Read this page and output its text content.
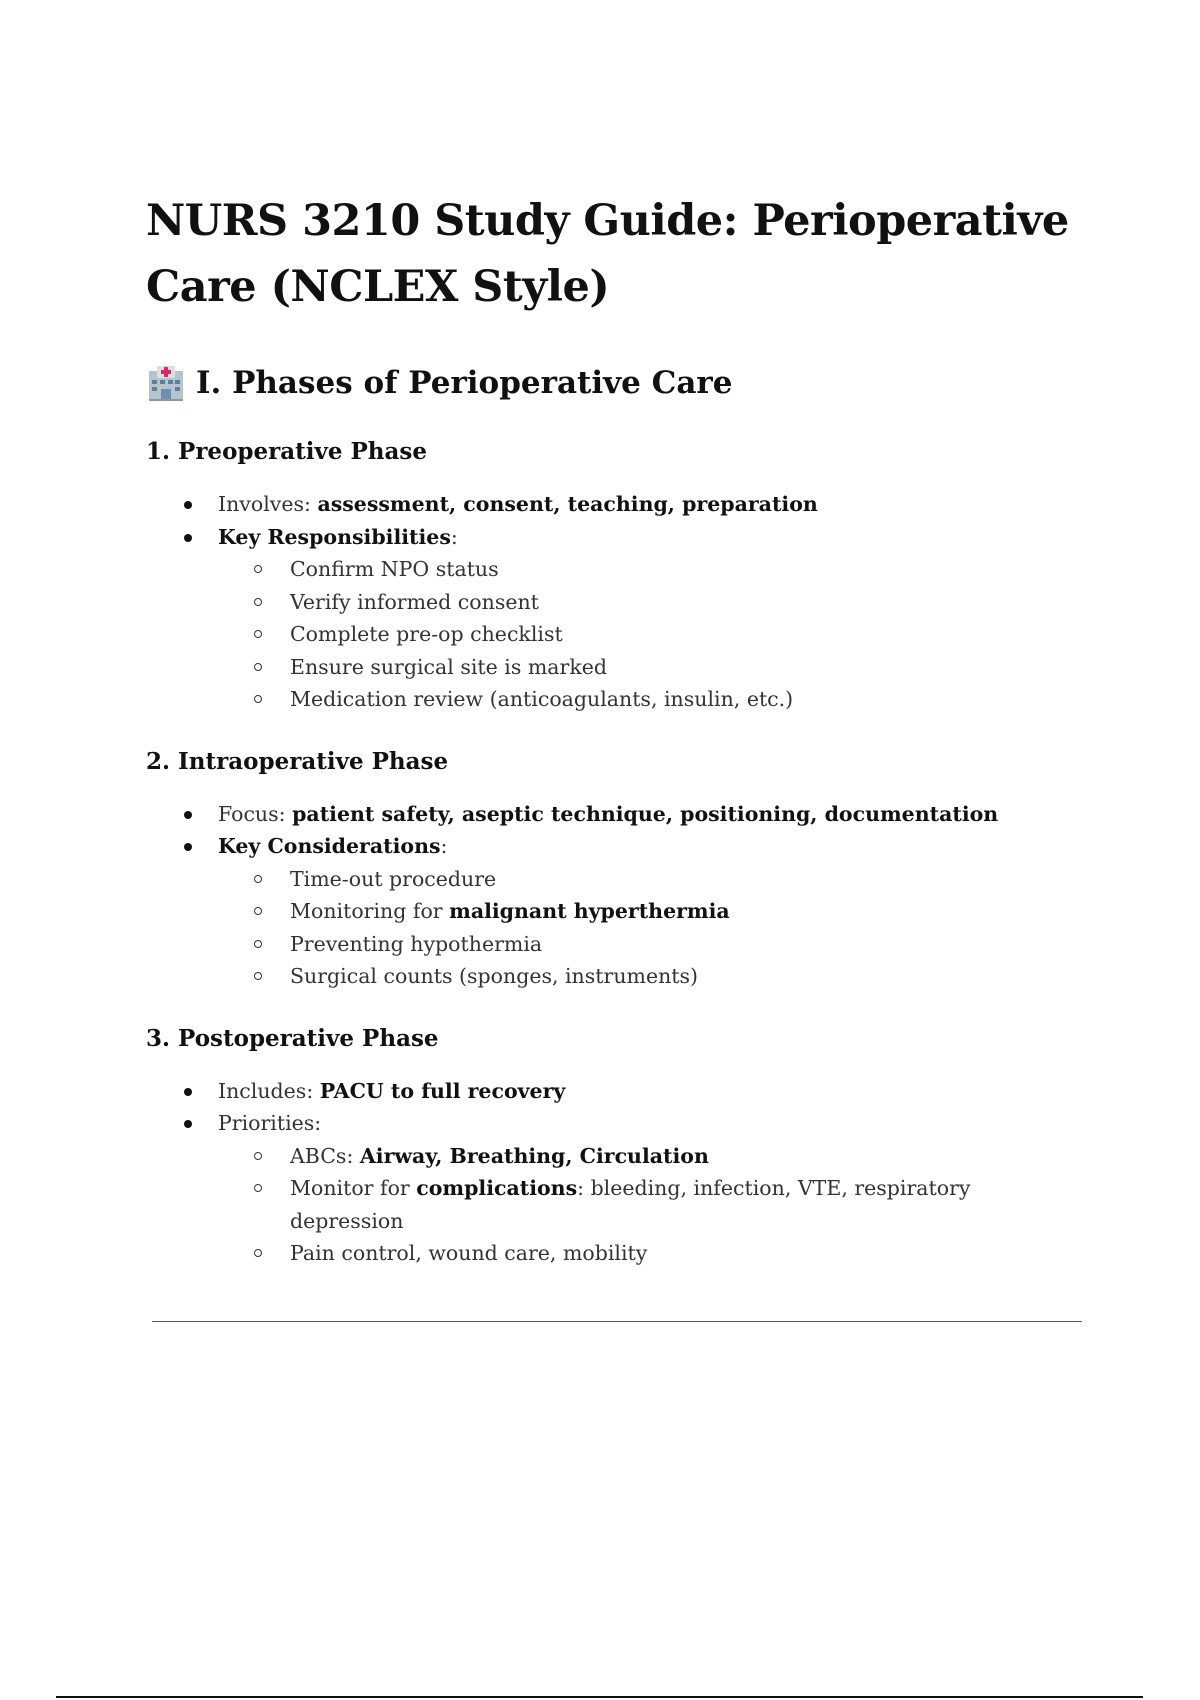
NURS 3210 Study Guide: Perioperative Care (NCLEX Style)
I. Phases of Perioperative Care
1. Preoperative Phase
Involves: assessment, consent, teaching, preparation
Key Responsibilities:
Confirm NPO status
Verify informed consent
Complete pre-op checklist
Ensure surgical site is marked
Medication review (anticoagulants, insulin, etc.)
2. Intraoperative Phase
Focus: patient safety, aseptic technique, positioning, documentation
Key Considerations:
Time-out procedure
Monitoring for malignant hyperthermia
Preventing hypothermia
Surgical counts (sponges, instruments)
3. Postoperative Phase
Includes: PACU to full recovery
Priorities:
ABCs: Airway, Breathing, Circulation
Monitor for complications: bleeding, infection, VTE, respiratory depression
Pain control, wound care, mobility
